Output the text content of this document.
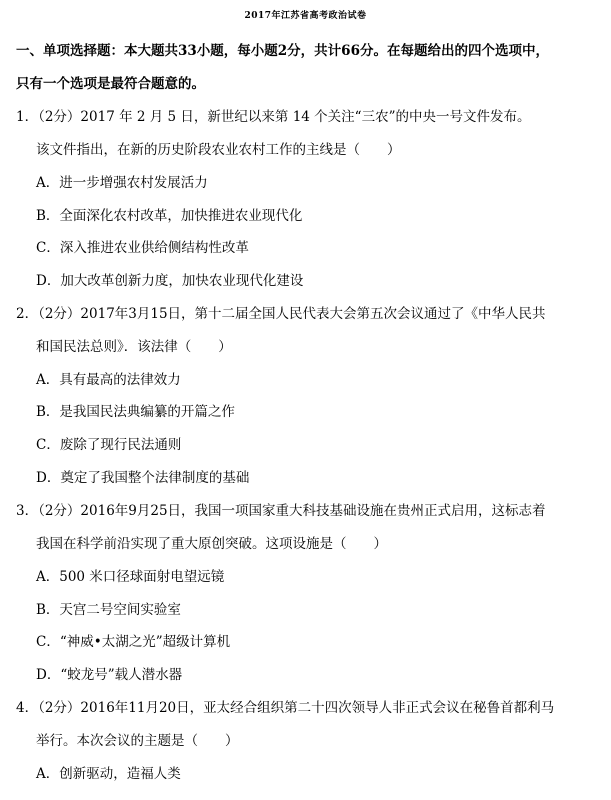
2017年江苏省高考政治试卷
一、单项选择题：本大题共33小题，每小题2分，共计66分。在每题给出的四个选项中，
只有一个选项是最符合题意的。
1．（2分）2017 年 2 月 5 日，新世纪以来第 14 个关注“三农”的中央一号文件发布。
该文件指出，在新的历史阶段农业农村工作的主线是（　　）
A．进一步增强农村发展活力
B．全面深化农村改革，加快推进农业现代化
C．深入推进农业供给侧结构性改革
D．加大改革创新力度，加快农业现代化建设
2．（2分）2017年3月15日，第十二届全国人民代表大会第五次会议通过了《中华人民共
和国民法总则》．该法律（　　）
A．具有最高的法律效力
B．是我国民法典编纂的开篇之作
C．废除了现行民法通则
D．奠定了我国整个法律制度的基础
3．（2分）2016年9月25日，我国一项国家重大科技基础设施在贵州正式启用，这标志着
我国在科学前沿实现了重大原创突破。这项设施是（　　）
A．500 米口径球面射电望远镜
B．天宫二号空间实验室
C．“神威•太湖之光”超级计算机
D．“蛟龙号”载人潜水器
4．（2分）2016年11月20日，亚太经合组织第二十四次领导人非正式会议在秘鲁首都利马
举行。本次会议的主题是（　　）
A．创新驱动，造福人类
